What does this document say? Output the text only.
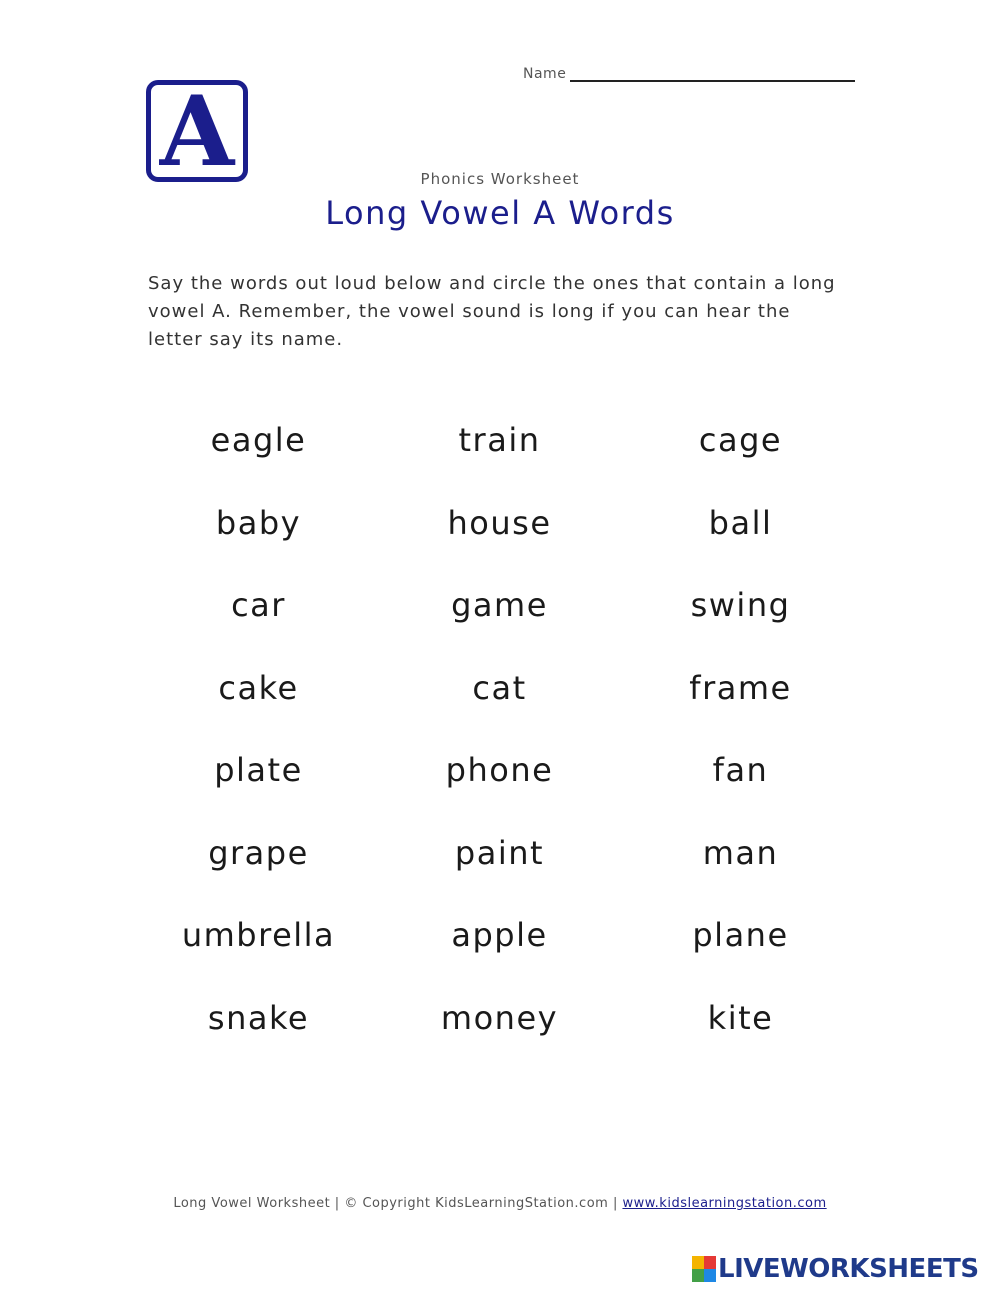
Name
A	Phonics Worksheet
Long Vowel A Words
Say the words out loud below and circle the ones that contain a long vowel A. Remember, the vowel sound is long if you can hear the letter say its name.
eagle	train	cage
baby	house	ball
car	game	swing
cake	cat	frame
plate	phone	fan
grape	paint	man
umbrella	apple	plane
snake	money	kite
Long Vowel Worksheet | © Copyright KidsLearningStation.com | www.kidslearningstation.com
LIVEWORKSHEETS
